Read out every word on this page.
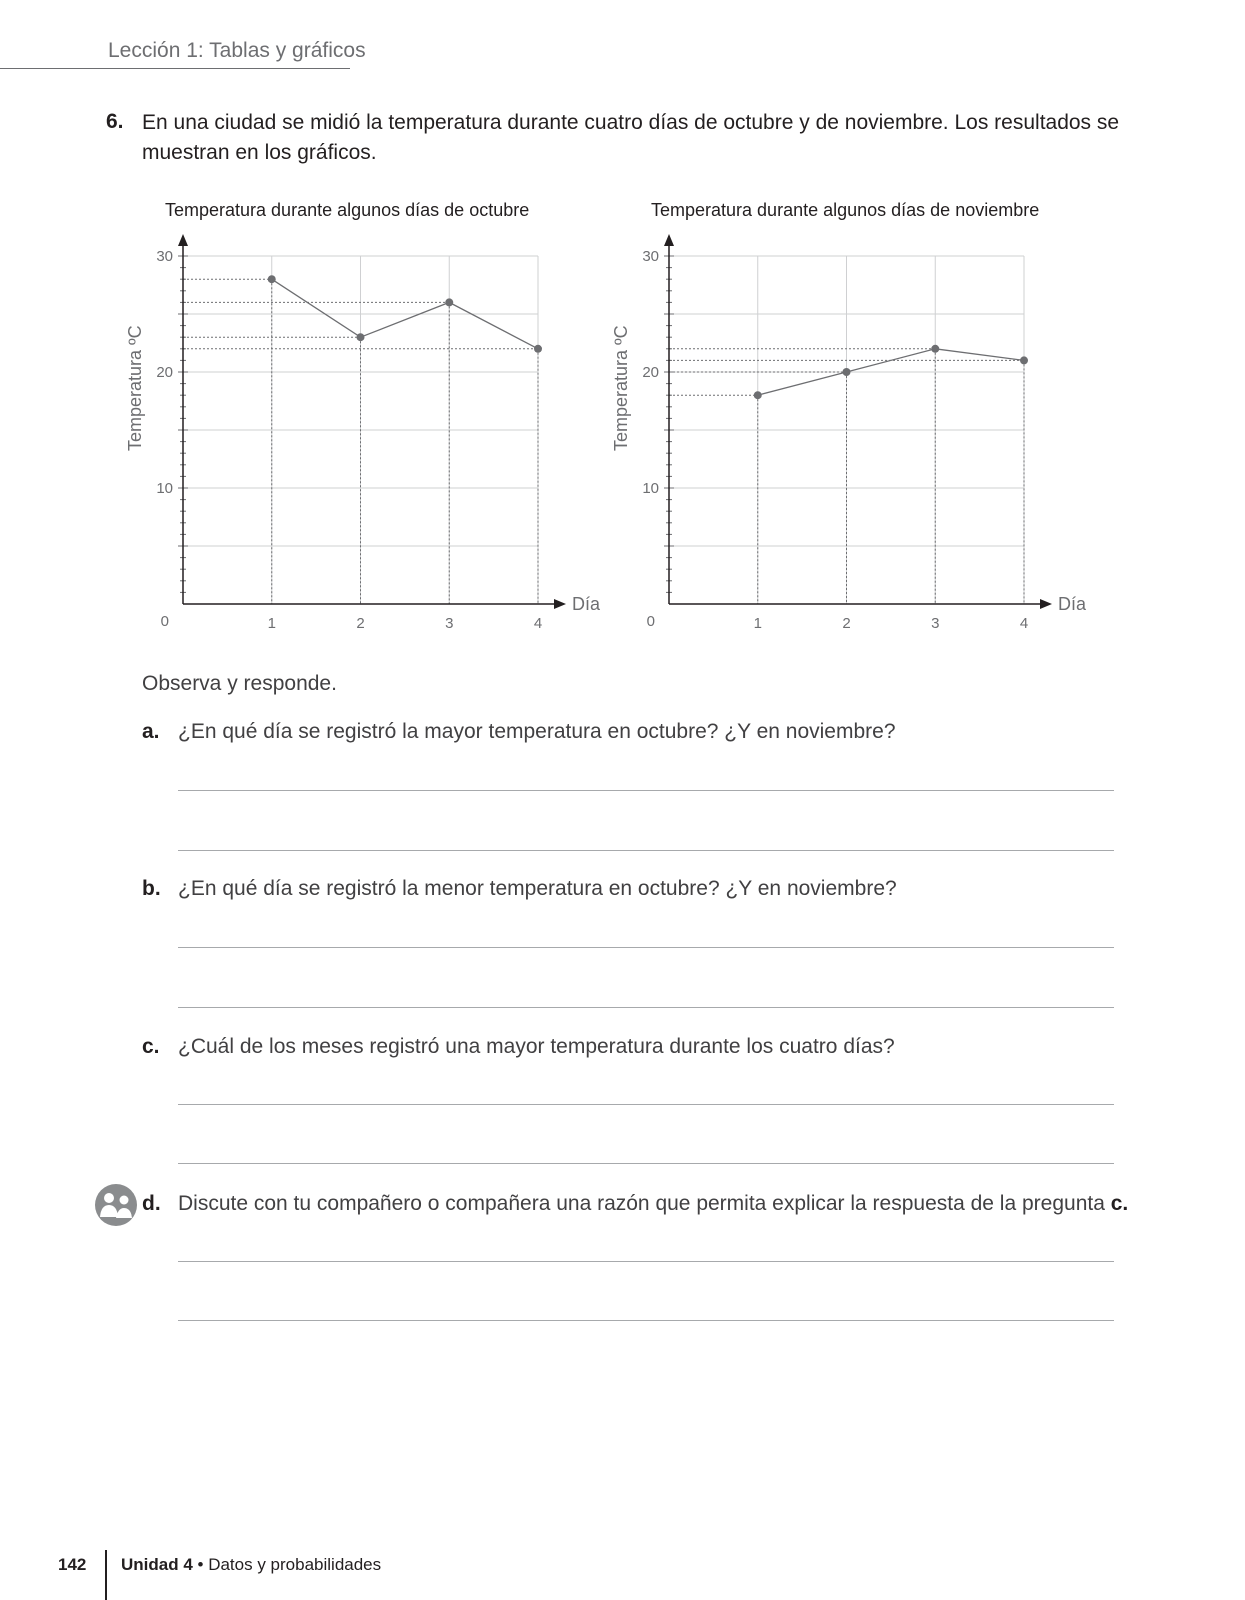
Lección 1: Tablas y gráficos
6. En una ciudad se midió la temperatura durante cuatro días de octubre y de noviembre. Los resultados se muestran en los gráficos.
Temperatura durante algunos días de octubre
1	2	3	4
10
20
30
0
Día
Temperatura ºC
Temperatura durante algunos días de noviembre
1	2	3	4
10
20
30
0
Día
Temperatura ºC
Observa y responde.
a. ¿En qué día se registró la mayor temperatura en octubre? ¿Y en noviembre?
b. ¿En qué día se registró la menor temperatura en octubre? ¿Y en noviembre?
c. ¿Cuál de los meses registró una mayor temperatura durante los cuatro días?
d. Discute con tu compañero o compañera una razón que permita explicar la respuesta de la pregunta c.
142 Unidad 4 • Datos y probabilidades
